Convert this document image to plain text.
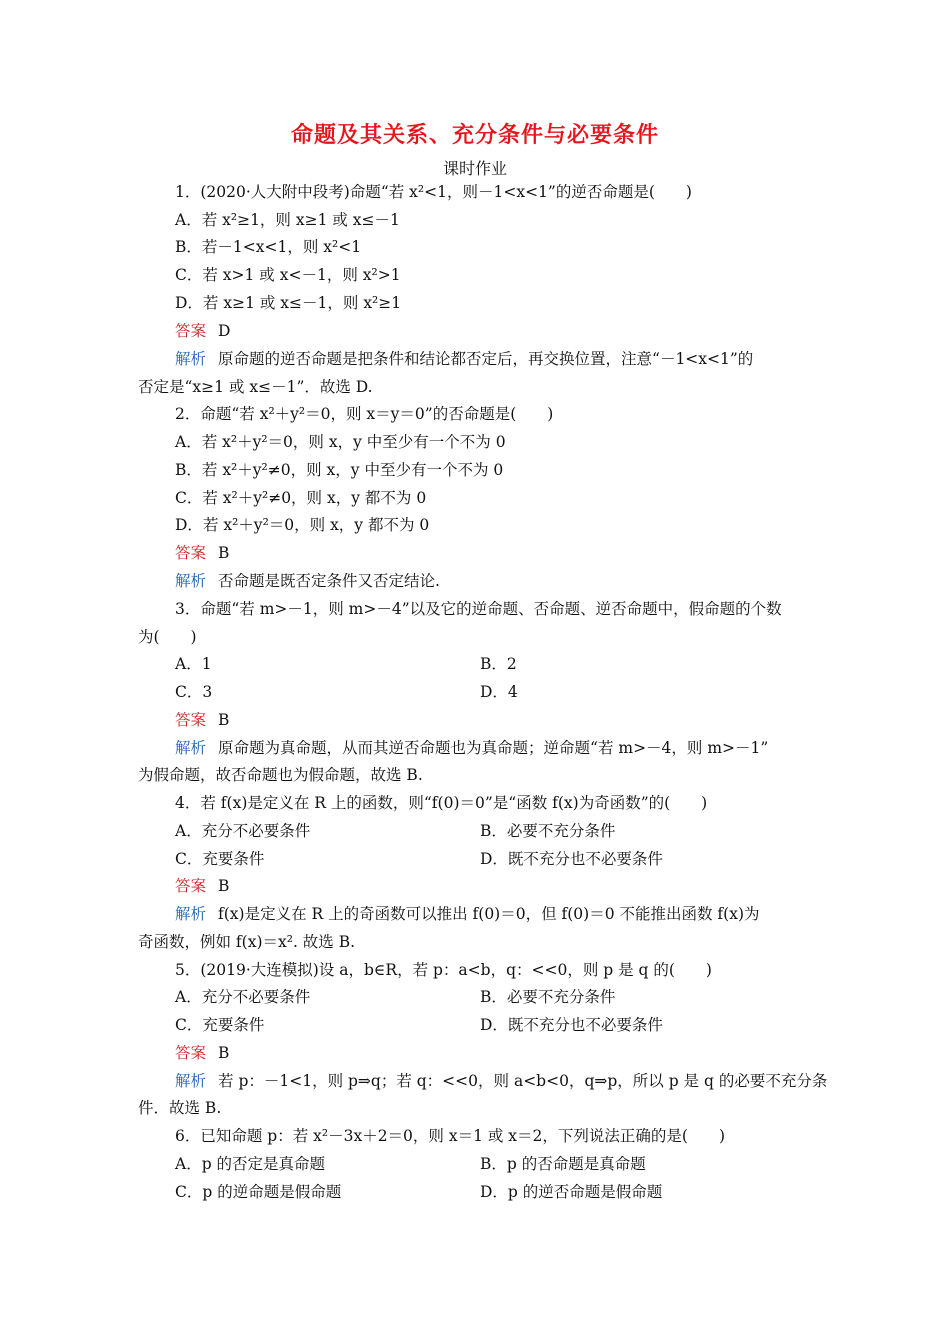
命题及其关系、充分条件与必要条件
课时作业
1．(2020·人大附中段考)命题“若 x²<1，则－1<x<1”的逆否命题是(　　)
A．若 x²≥1，则 x≥1 或 x≤－1
B．若－1<x<1，则 x²<1
C．若 x>1 或 x<－1，则 x²>1
D．若 x≥1 或 x≤－1，则 x²≥1
答案 D
解析 原命题的逆否命题是把条件和结论都否定后，再交换位置，注意“－1<x<1”的
否定是“x≥1 或 x≤－1”．故选 D.
2．命题“若 x²＋y²＝0，则 x＝y＝0”的否命题是(　　)
A．若 x²＋y²＝0，则 x，y 中至少有一个不为 0
B．若 x²＋y²≠0，则 x，y 中至少有一个不为 0
C．若 x²＋y²≠0，则 x，y 都不为 0
D．若 x²＋y²＝0，则 x，y 都不为 0
答案 B
解析 否命题是既否定条件又否定结论.
3．命题“若 m>－1，则 m>－4”以及它的逆命题、否命题、逆否命题中，假命题的个数
为(　　)
A．1	B．2
C．3	D．4
答案 B
解析 原命题为真命题，从而其逆否命题也为真命题；逆命题“若 m>－4，则 m>－1”
为假命题，故否命题也为假命题，故选 B.
4．若 f(x)是定义在 R 上的函数，则“f(0)＝0”是“函数 f(x)为奇函数”的(　　)
A．充分不必要条件	B．必要不充分条件
C．充要条件	D．既不充分也不必要条件
答案 B
解析 f(x)是定义在 R 上的奇函数可以推出 f(0)＝0，但 f(0)＝0 不能推出函数 f(x)为
奇函数，例如 f(x)＝x². 故选 B.
5．(2019·大连模拟)设 a，b∈R，若 p：a<b，q：<<0，则 p 是 q 的(　　)
A．充分不必要条件	B．必要不充分条件
C．充要条件	D．既不充分也不必要条件
答案 B
解析 若 p：－1<1，则 p⇒q；若 q：<<0，则 a<b<0，q⇒p，所以 p 是 q 的必要不充分条
件．故选 B.
6．已知命题 p：若 x²－3x＋2＝0，则 x＝1 或 x＝2，下列说法正确的是(　　)
A．p 的否定是真命题	B．p 的否命题是真命题
C．p 的逆命题是假命题	D．p 的逆否命题是假命题
